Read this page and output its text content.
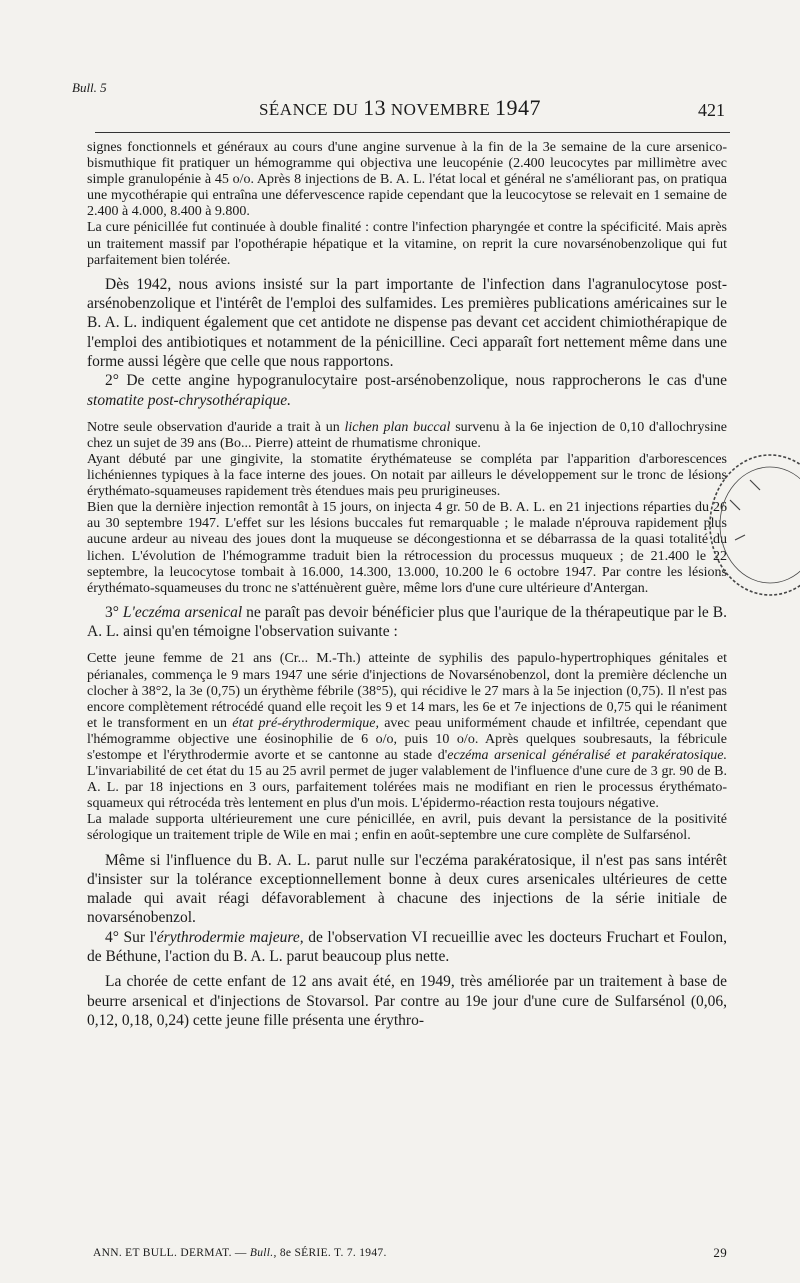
Bull. 5
SÉANCE DU 13 NOVEMBRE 1947	421

signes fonctionnels et généraux au cours d'une angine survenue à la fin de la 3e semaine de la cure arsenico-bismuthique fit pratiquer un hémogramme qui objectiva une leucopénie (2.400 leucocytes par millimètre avec simple granulopénie à 45 o/o. Après 8 injections de B. A. L. l'état local et général ne s'améliorant pas, on pratiqua une mycothérapie qui entraîna une défervescence rapide cependant que la leucocytose se relevait en 1 semaine de 2.400 à 4.000, 8.400 à 9.800.

La cure pénicillée fut continuée à double finalité : contre l'infection pharyngée et contre la spécificité. Mais après un traitement massif par l'opothérapie hépatique et la vitamine, on reprit la cure novarsénobenzolique qui fut parfaitement bien tolérée.

Dès 1942, nous avions insisté sur la part importante de l'infection dans l'agranulocytose post-arsénobenzolique et l'intérêt de l'emploi des sulfamides. Les premières publications américaines sur le B. A. L. indiquent également que cet antidote ne dispense pas devant cet accident chimiothérapique de l'emploi des antibiotiques et notamment de la pénicilline. Ceci apparaît fort nettement même dans une forme aussi légère que celle que nous rapportons.

2° De cette angine hypogranulocytaire post-arsénobenzolique, nous rapprocherons le cas d'une stomatite post-chrysothérapique.

Notre seule observation d'auride a trait à un lichen plan buccal survenu à la 6e injection de 0,10 d'allochrysine chez un sujet de 39 ans (Bo... Pierre) atteint de rhumatisme chronique.

Ayant débuté par une gingivite, la stomatite érythémateuse se compléta par l'apparition d'arborescences lichéniennes typiques à la face interne des joues. On notait par ailleurs le développement sur le tronc de lésions érythémato-squameuses rapidement très étendues mais peu prurigineuses.

Bien que la dernière injection remontât à 15 jours, on injecta 4 gr. 50 de B. A. L. en 21 injections réparties du 26 au 30 septembre 1947. L'effet sur les lésions buccales fut remarquable ; le malade n'éprouva rapidement plus aucune ardeur au niveau des joues dont la muqueuse se décongestionna et se débarrassa de la quasi totalité du lichen. L'évolution de l'hémogramme traduit bien la rétrocession du processus muqueux ; de 21.400 le 22 septembre, la leucocytose tombait à 16.000, 14.300, 13.000, 10.200 le 6 octobre 1947. Par contre les lésions érythémato-squameuses du tronc ne s'atténuèrent guère, même lors d'une cure ultérieure d'Antergan.

3° L'eczéma arsenical ne paraît pas devoir bénéficier plus que l'aurique de la thérapeutique par le B. A. L. ainsi qu'en témoigne l'observation suivante :

Cette jeune femme de 21 ans (Cr... M.-Th.) atteinte de syphilis des papulo-hypertrophiques génitales et périanales, commença le 9 mars 1947 une série d'injections de Novarsénobenzol, dont la première déclenche un clocher à 38°2, la 3e (0,75) un érythème fébrile (38°5), qui récidive le 27 mars à la 5e injection (0,75). Il n'est pas encore complètement rétrocédé quand elle reçoit les 9 et 14 mars, les 6e et 7e injections de 0,75 qui le réaniment et le transforment en un état pré-érythrodermique, avec peau uniformément chaude et infiltrée, cependant que l'hémogramme objective une éosinophilie de 6 o/o, puis 10 o/o. Après quelques soubresauts, la fébricule s'estompe et l'érythrodermie avorte et se cantonne au stade d'eczéma arsenical généralisé et parakératosique. L'invariabilité de cet état du 15 au 25 avril permet de juger valablement de l'influence d'une cure de 3 gr. 90 de B. A. L. par 18 injections en 3 ours, parfaitement tolérées mais ne modifiant en rien le processus érythémato-squameux qui rétrocéda très lentement en plus d'un mois. L'épidermo-réaction resta toujours négative.

La malade supporta ultérieurement une cure pénicillée, en avril, puis devant la persistance de la positivité sérologique un traitement triple de Wile en mai ; enfin en août-septembre une cure complète de Sulfarsénol.

Même si l'influence du B. A. L. parut nulle sur l'eczéma parakératosique, il n'est pas sans intérêt d'insister sur la tolérance exceptionnellement bonne à deux cures arsenicales ultérieures de cette malade qui avait réagi défavorablement à chacune des injections de la série initiale de novarsénobenzol.

4° Sur l'érythrodermie majeure, de l'observation VI recueillie avec les docteurs Fruchart et Foulon, de Béthune, l'action du B. A. L. parut beaucoup plus nette.

La chorée de cette enfant de 12 ans avait été, en 1949, très améliorée par un traitement à base de beurre arsenical et d'injections de Stovarsol. Par contre au 19e jour d'une cure de Sulfarsénol (0,06, 0,12, 0,18, 0,24) cette jeune fille présenta une érythro-

ANN. ET BULL. DERMAT. — Bull., 8e SÉRIE. T. 7. 1947.	29
